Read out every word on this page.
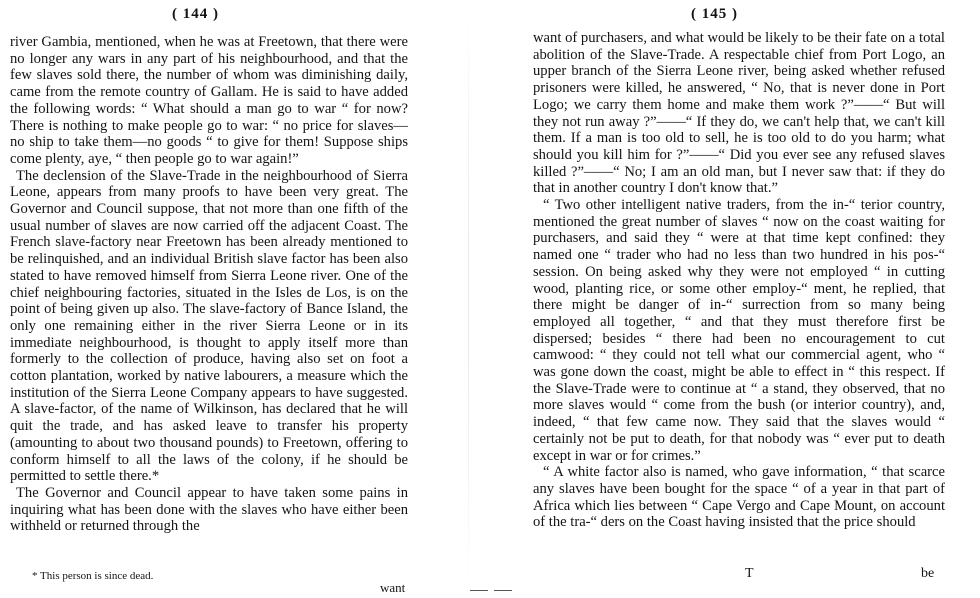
( 144 )

river Gambia, mentioned, when he was at Freetown, that there were no longer any wars in any part of his neighbourhood, and that the few slaves sold there, the number of whom was diminishing daily, came from the remote country of Gallam. He is said to have added the following words: “ What should a man go to war “ for now? There is nothing to make people go to war: “ no price for slaves—no ship to take them—no goods “ to give for them! Suppose ships come plenty, aye, “ then people go to war again!”

The declension of the Slave-Trade in the neighbourhood of Sierra Leone, appears from many proofs to have been very great. The Governor and Council suppose, that not more than one fifth of the usual number of slaves are now carried off the adjacent Coast. The French slave-factory near Freetown has been already mentioned to be relinquished, and an individual British slave factor has been also stated to have removed himself from Sierra Leone river. One of the chief neighbouring factories, situated in the Isles de Los, is on the point of being given up also. The slave-factory of Bance Island, the only one remaining either in the river Sierra Leone or in its immediate neighbourhood, is thought to apply itself more than formerly to the collection of produce, having also set on foot a cotton plantation, worked by native labourers, a measure which the institution of the Sierra Leone Company appears to have suggested. A slave-factor, of the name of Wilkinson, has declared that he will quit the trade, and has asked leave to transfer his property (amounting to about two thousand pounds) to Freetown, offering to conform himself to all the laws of the colony, if he should be permitted to settle there.*

The Governor and Council appear to have taken some pains in inquiring what has been done with the slaves who have either been withheld or returned through the

* This person is since dead.
want
( 145 )

want of purchasers, and what would be likely to be their fate on a total abolition of the Slave-Trade. A respectable chief from Port Logo, an upper branch of the Sierra Leone river, being asked whether refused prisoners were killed, he answered, “ No, that is never done in Port Logo; we carry them home and make them work ?”——“ But will they not run away ?”——“ If they do, we can't help that, we can't kill them. If a man is too old to sell, he is too old to do you harm; what should you kill him for ?”——“ Did you ever see any refused slaves killed ?”——“ No; I am an old man, but I never saw that: if they do that in another country I don't know that.”

“ Two other intelligent native traders, from the in-“ terior country, mentioned the great number of slaves “ now on the coast waiting for purchasers, and said they “ were at that time kept confined: they named one “ trader who had no less than two hundred in his pos-“ session. On being asked why they were not employed “ in cutting wood, planting rice, or some other employ-“ ment, he replied, that there might be danger of in-“ surrection from so many being employed all together, “ and that they must therefore first be dispersed; besides “ there had been no encouragement to cut camwood: “ they could not tell what our commercial agent, who “ was gone down the coast, might be able to effect in “ this respect. If the Slave-Trade were to continue at “ a stand, they observed, that no more slaves would “ come from the bush (or interior country), and, indeed, “ that few came now. They said that the slaves would “ certainly not be put to death, for that nobody was “ ever put to death except in war or for crimes.”

“ A white factor also is named, who gave information, “ that scarce any slaves have been bought for the space “ of a year in that part of Africa which lies between “ Cape Vergo and Cape Mount, on account of the tra-“ ders on the Coast having insisted that the price should

T	be
